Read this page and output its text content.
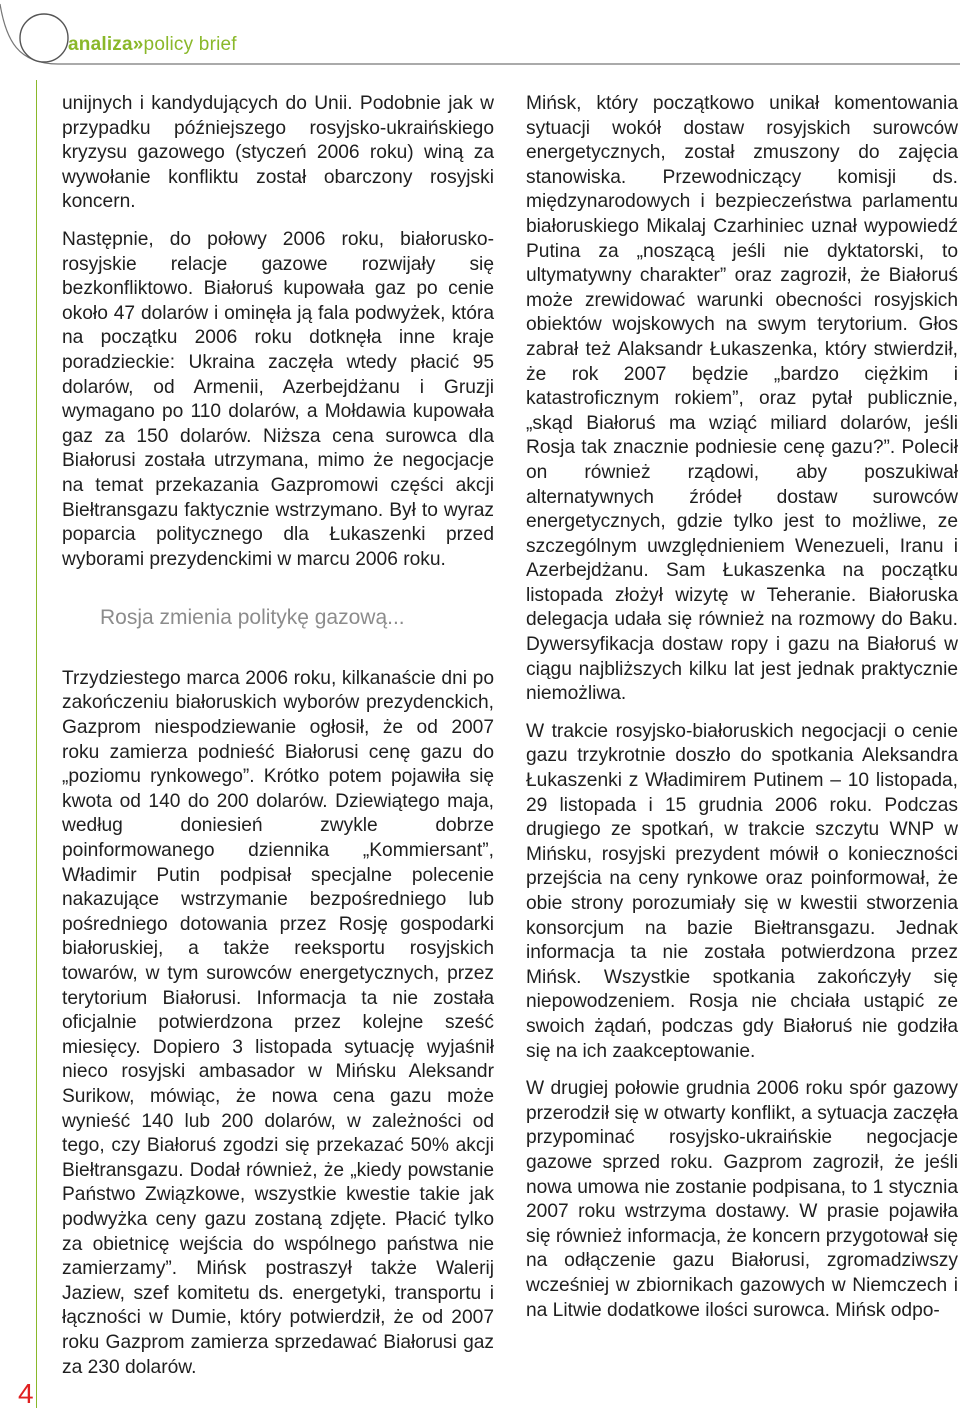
analiza»policy brief
4

unijnych i kandydujących do Unii. Podobnie jak w przypadku późniejszego rosyjsko-ukraińskiego kryzysu gazowego (styczeń 2006 roku) winą za wywołanie konfliktu został obarczony rosyjski koncern.

Następnie, do połowy 2006 roku, białorusko-rosyjskie relacje gazowe rozwijały się bezkonfliktowo. Białoruś kupowała gaz po cenie około 47 dolarów i ominęła ją fala podwyżek, która na początku 2006 roku dotknęła inne kraje poradzieckie: Ukraina zaczęła wtedy płacić 95 dolarów, od Armenii, Azerbejdżanu i Gruzji wymagano po 110 dolarów, a Mołdawia kupowała gaz za 150 dolarów. Niższa cena surowca dla Białorusi została utrzymana, mimo że negocjacje na temat przekazania Gazpromowi części akcji Biełtransgazu faktycznie wstrzymano. Był to wyraz poparcia politycznego dla Łukaszenki przed wyborami prezydenckimi w marcu 2006 roku.

Rosja zmienia politykę gazową...

Trzydziestego marca 2006 roku, kilkanaście dni po zakończeniu białoruskich wyborów prezydenckich, Gazprom niespodziewanie ogłosił, że od 2007 roku zamierza podnieść Białorusi cenę gazu do „poziomu rynkowego”. Krótko potem pojawiła się kwota od 140 do 200 dolarów. Dziewiątego maja, według doniesień zwykle dobrze poinformowanego dziennika „Kommiersant”, Władimir Putin podpisał specjalne polecenie nakazujące wstrzymanie bezpośredniego lub pośredniego dotowania przez Rosję gospodarki białoruskiej, a także reeksportu rosyjskich towarów, w tym surowców energetycznych, przez terytorium Białorusi. Informacja ta nie została oficjalnie potwierdzona przez kolejne sześć miesięcy. Dopiero 3 listopada sytuację wyjaśnił nieco rosyjski ambasador w Mińsku Aleksandr Surikow, mówiąc, że nowa cena gazu może wynieść 140 lub 200 dolarów, w zależności od tego, czy Białoruś zgodzi się przekazać 50% akcji Biełtransgazu. Dodał również, że „kiedy powstanie Państwo Związkowe, wszystkie kwestie takie jak podwyżka ceny gazu zostaną zdjęte. Płacić tylko za obietnicę wejścia do wspólnego państwa nie zamierzamy”. Mińsk postraszył także Walerij Jaziew, szef komitetu ds. energetyki, transportu i łączności w Dumie, który potwierdził, że od 2007 roku Gazprom zamierza sprzedawać Białorusi gaz za 230 dolarów.

Mińsk, który początkowo unikał komentowania sytuacji wokół dostaw rosyjskich surowców energetycznych, został zmuszony do zajęcia stanowiska. Przewodniczący komisji ds. międzynarodowych i bezpieczeństwa parlamentu białoruskiego Mikalaj Czarhiniec uznał wypowiedź Putina za „noszącą jeśli nie dyktatorski, to ultymatywny charakter” oraz zagroził, że Białoruś może zrewidować warunki obecności rosyjskich obiektów wojskowych na swym terytorium. Głos zabrał też Alaksandr Łukaszenka, który stwierdził, że rok 2007 będzie „bardzo ciężkim i katastroficznym rokiem”, oraz pytał publicznie, „skąd Białoruś ma wziąć miliard dolarów, jeśli Rosja tak znacznie podniesie cenę gazu?”. Polecił on również rządowi, aby poszukiwał alternatywnych źródeł dostaw surowców energetycznych, gdzie tylko jest to możliwe, ze szczególnym uwzględnieniem Wenezueli, Iranu i Azerbejdżanu. Sam Łukaszenka na początku listopada złożył wizytę w Teheranie. Białoruska delegacja udała się również na rozmowy do Baku. Dywersyfikacja dostaw ropy i gazu na Białoruś w ciągu najbliższych kilku lat jest jednak praktycznie niemożliwa.

W trakcie rosyjsko-białoruskich negocjacji o cenie gazu trzykrotnie doszło do spotkania Aleksandra Łukaszenki z Władimirem Putinem – 10 listopada, 29 listopada i 15 grudnia 2006 roku. Podczas drugiego ze spotkań, w trakcie szczytu WNP w Mińsku, rosyjski prezydent mówił o konieczności przejścia na ceny rynkowe oraz poinformował, że obie strony porozumiały się w kwestii stworzenia konsorcjum na bazie Biełtransgazu. Jednak informacja ta nie została potwierdzona przez Mińsk. Wszystkie spotkania zakończyły się niepowodzeniem. Rosja nie chciała ustąpić ze swoich żądań, podczas gdy Białoruś nie godziła się na ich zaakceptowanie.

W drugiej połowie grudnia 2006 roku spór gazowy przerodził się w otwarty konflikt, a sytuacja zaczęła przypominać rosyjsko-ukraińskie negocjacje gazowe sprzed roku. Gazprom zagroził, że jeśli nowa umowa nie zostanie podpisana, to 1 stycznia 2007 roku wstrzyma dostawy. W prasie pojawiła się również informacja, że koncern przygotował się na odłączenie gazu Białorusi, zgromadziwszy wcześniej w zbiornikach gazowych w Niemczech i na Litwie dodatkowe ilości surowca. Mińsk odpo-
